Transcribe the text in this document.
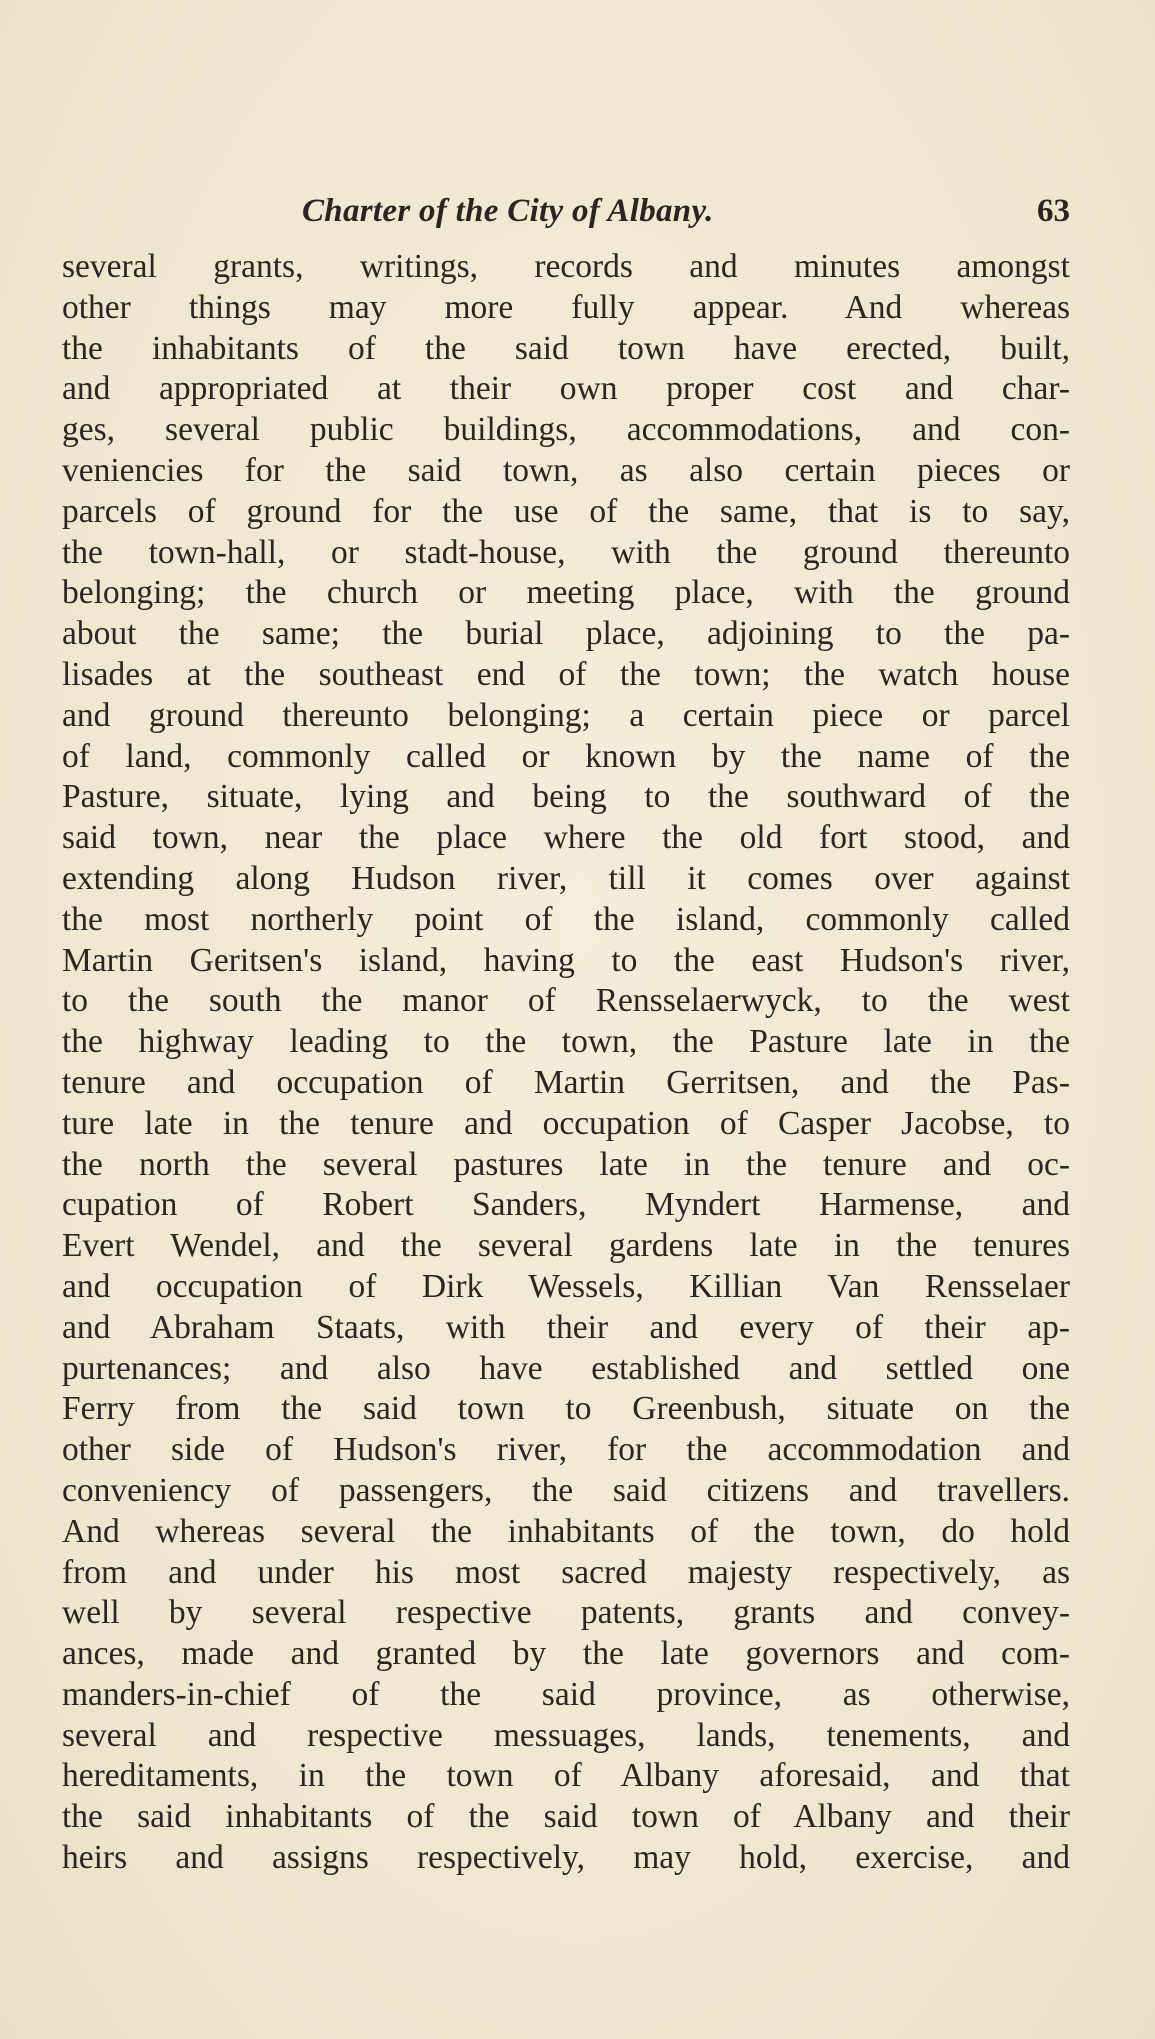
Charter of the City of Albany.	63
several grants, writings, records and minutes amongst
other things may more fully appear. And whereas
the inhabitants of the said town have erected, built,
and appropriated at their own proper cost and char-
ges, several public buildings, accommodations, and con-
veniencies for the said town, as also certain pieces or
parcels of ground for the use of the same, that is to say,
the town-hall, or stadt-house, with the ground thereunto
belonging; the church or meeting place, with the ground
about the same; the burial place, adjoining to the pa-
lisades at the southeast end of the town; the watch house
and ground thereunto belonging; a certain piece or parcel
of land, commonly called or known by the name of the
Pasture, situate, lying and being to the southward of the
said town, near the place where the old fort stood, and
extending along Hudson river, till it comes over against
the most northerly point of the island, commonly called
Martin Geritsen's island, having to the east Hudson's river,
to the south the manor of Rensselaerwyck, to the west
the highway leading to the town, the Pasture late in the
tenure and occupation of Martin Gerritsen, and the Pas-
ture late in the tenure and occupation of Casper Jacobse, to
the north the several pastures late in the tenure and oc-
cupation of Robert Sanders, Myndert Harmense, and
Evert Wendel, and the several gardens late in the tenures
and occupation of Dirk Wessels, Killian Van Rensselaer
and Abraham Staats, with their and every of their ap-
purtenances; and also have established and settled one
Ferry from the said town to Greenbush, situate on the
other side of Hudson's river, for the accommodation and
conveniency of passengers, the said citizens and travellers.
And whereas several the inhabitants of the town, do hold
from and under his most sacred majesty respectively, as
well by several respective patents, grants and convey-
ances, made and granted by the late governors and com-
manders-in-chief of the said province, as otherwise,
several and respective messuages, lands, tenements, and
hereditaments, in the town of Albany aforesaid, and that
the said inhabitants of the said town of Albany and their
heirs and assigns respectively, may hold, exercise, and
